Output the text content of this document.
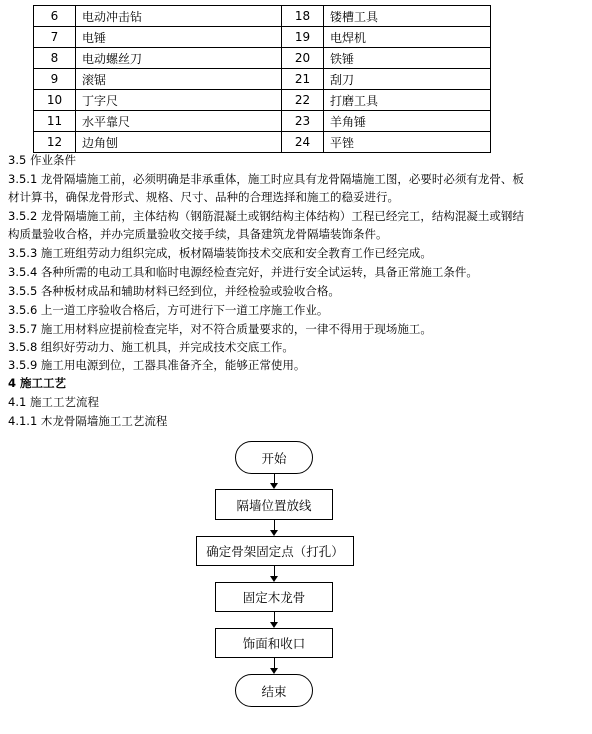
6	电动冲击钻	18	镂槽工具
7	电锤	19	电焊机
8	电动螺丝刀	20	铁锤
9	滚锯	21	刮刀
10	丁字尺	22	打磨工具
11	水平靠尺	23	羊角锤
12	边角刨	24	平锉
3.5 作业条件
3.5.1 龙骨隔墙施工前，必须明确是非承重体，施工时应具有龙骨隔墙施工图，必要时必须有龙骨、板
材计算书，确保龙骨形式、规格、尺寸、品种的合理选择和施工的稳妥进行。
3.5.2 龙骨隔墙施工前，主体结构（钢筋混凝土或钢结构主体结构）工程已经完工，结构混凝土或钢结
构质量验收合格，并办完质量验收交接手续，具备建筑龙骨隔墙装饰条件。
3.5.3 施工班组劳动力组织完成，板材隔墙装饰技术交底和安全教育工作已经完成。
3.5.4 各种所需的电动工具和临时电源经检查完好，并进行安全试运转，具备正常施工条件。
3.5.5 各种板材成品和辅助材料已经到位，并经检验或验收合格。
3.5.6 上一道工序验收合格后，方可进行下一道工序施工作业。
3.5.7 施工用材料应提前检查完毕，对不符合质量要求的，一律不得用于现场施工。
3.5.8 组织好劳动力、施工机具，并完成技术交底工作。
3.5.9 施工用电源到位，工器具准备齐全，能够正常使用。
4 施工工艺
4.1 施工工艺流程
4.1.1 木龙骨隔墙施工工艺流程
开始
隔墙位置放线
确定骨架固定点（打孔）
固定木龙骨
饰面和收口
结束
